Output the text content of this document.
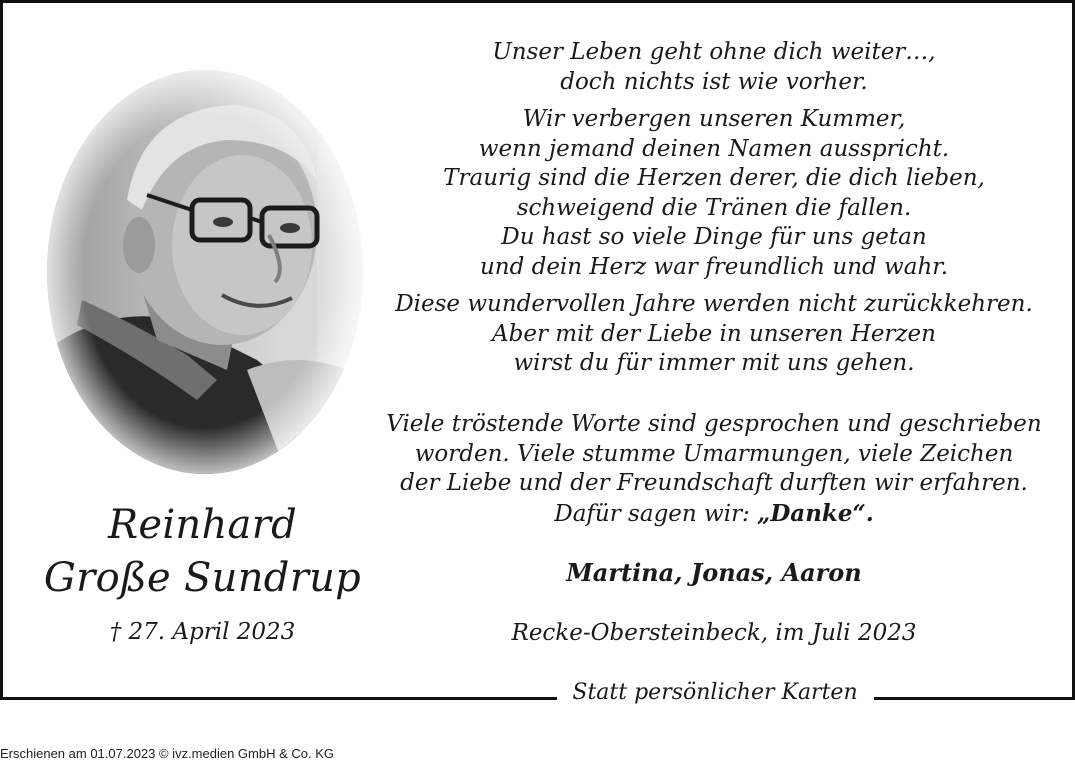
Reinhard
Große Sundrup
† 27. April 2023

Unser Leben geht ohne dich weiter…,

doch nichts ist wie vorher.

Wir verbergen unseren Kummer,

wenn jemand deinen Namen ausspricht.

Traurig sind die Herzen derer, die dich lieben,

schweigend die Tränen die fallen.

Du hast so viele Dinge für uns getan

und dein Herz war freundlich und wahr.

Diese wundervollen Jahre werden nicht zurückkehren.

Aber mit der Liebe in unseren Herzen

wirst du für immer mit uns gehen.

Viele tröstende Worte sind gesprochen und geschrieben

worden. Viele stumme Umarmungen, viele Zeichen

der Liebe und der Freundschaft durften wir erfahren.

Dafür sagen wir: „Danke“.

Martina, Jonas, Aaron
Recke-Obersteinbeck, im Juli 2023
Statt persönlicher Karten
Erschienen am 01.07.2023 © ivz.medien GmbH & Co. KG
